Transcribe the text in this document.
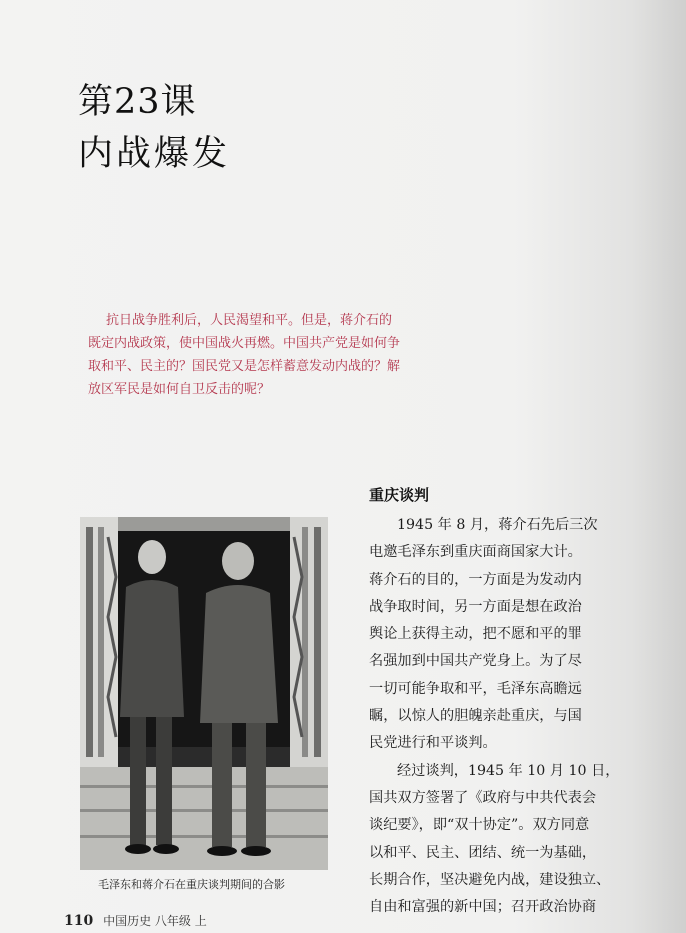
第23课
内战爆发
抗日战争胜利后，人民渴望和平。但是，蒋介石的
既定内战政策，使中国战火再燃。中国共产党是如何争
取和平、民主的？国民党又是怎样蓄意发动内战的？解
放区军民是如何自卫反击的呢？
毛泽东和蒋介石在重庆谈判期间的合影
重庆谈判
1945 年 8 月，蒋介石先后三次
电邀毛泽东到重庆面商国家大计。
蒋介石的目的，一方面是为发动内
战争取时间，另一方面是想在政治
舆论上获得主动，把不愿和平的罪
名强加到中国共产党身上。为了尽
一切可能争取和平，毛泽东高瞻远
瞩，以惊人的胆魄亲赴重庆，与国
民党进行和平谈判。
经过谈判，1945 年 10 月 10 日，
国共双方签署了《政府与中共代表会
谈纪要》，即“双十协定”。双方同意
以和平、民主、团结、统一为基础，
长期合作，坚决避免内战，建设独立、
自由和富强的新中国；召开政治协商
110 中国历史 八年级 上
